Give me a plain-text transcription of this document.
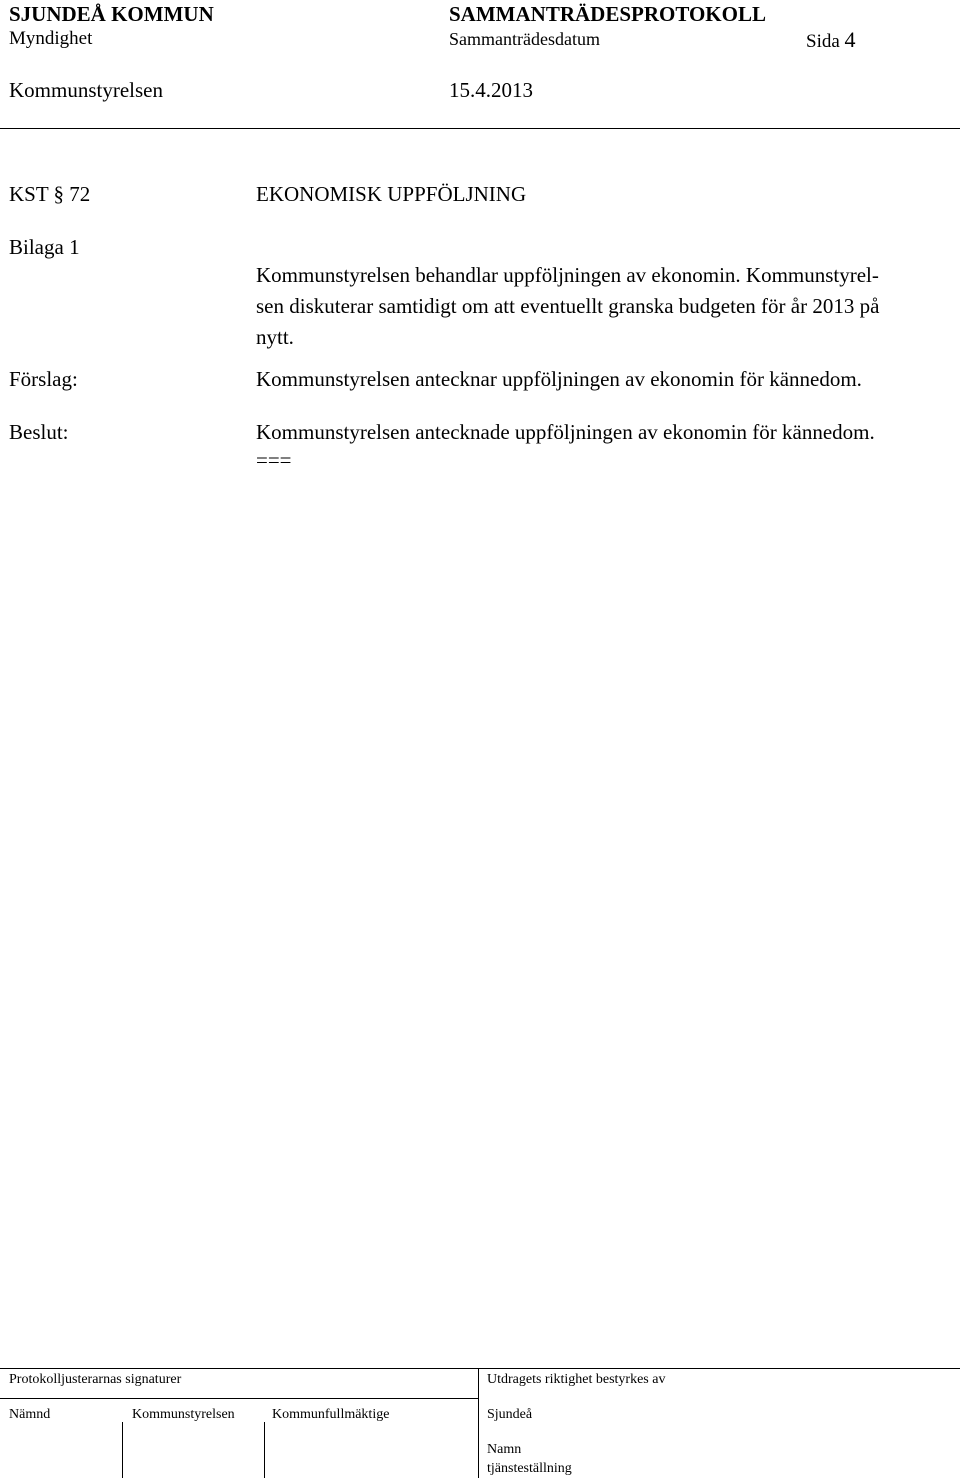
SJUNDEÅ KOMMUN	SAMMANTRÄDESPROTOKOLL
Myndighet	Sammanträdesdatum	Sida 4
Kommunstyrelsen	15.4.2013
KST § 72	EKONOMISK UPPFÖLJNING
Bilaga 1
Kommunstyrelsen behandlar uppföljningen av ekonomin. Kommunstyrel-
sen diskuterar samtidigt om att eventuellt granska budgeten för år 2013 på
nytt.
Förslag:	Kommunstyrelsen antecknar uppföljningen av ekonomin för kännedom.
Beslut:	Kommunstyrelsen antecknade uppföljningen av ekonomin för kännedom.
===
Protokolljusterarnas signaturer	Utdragets riktighet bestyrkes av
Nämnd	Kommunstyrelsen	Kommunfullmäktige	Sjundeå
Namn
tjänsteställning
